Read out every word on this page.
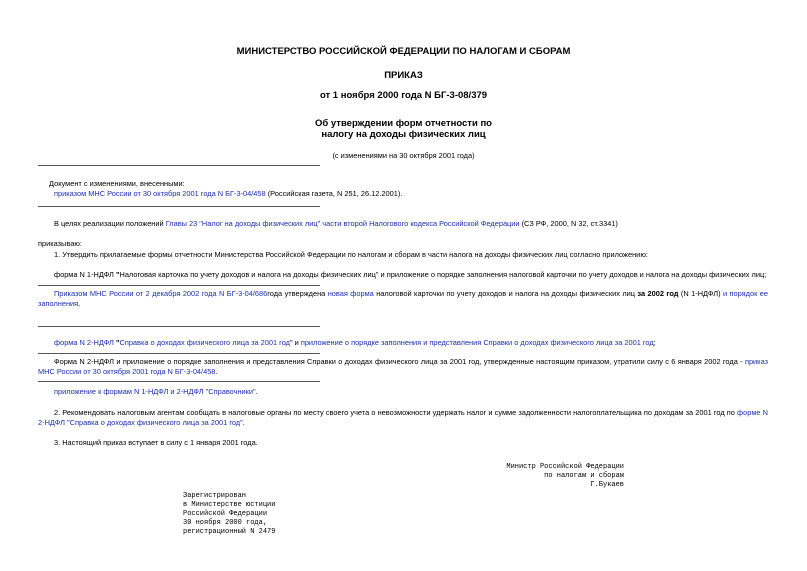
МИНИСТЕРСТВО РОССИЙСКОЙ ФЕДЕРАЦИИ ПО НАЛОГАМ И СБОРАМ
ПРИКАЗ
от 1 ноября 2000 года N БГ-3-08/379
Об утверждении форм отчетности по
налогу на доходы физических лиц
(с изменениями на 30 октября 2001 года)
Документ с изменениями, внесенными:
приказом МНС России от 30 октября 2001 года N БГ-3-04/458 (Российская газета, N 251, 26.12.2001).
В целях реализации положений Главы 23 "Налог на доходы физических лиц" части второй Налогового кодекса Российской Федерации (СЗ РФ, 2000, N 32, ст.3341)
приказываю:
1. Утвердить прилагаемые формы отчетности Министерства Российской Федерации по налогам и сборам в части налога на доходы физических лиц согласно приложению:
форма N 1-НДФЛ "Налоговая карточка по учету доходов и налога на доходы физических лиц" и приложение о порядке заполнения налоговой карточки по учету доходов и налога на доходы физических лиц;
Приказом МНС России от 2 декабря 2002 года N БГ-3-04/686года утверждена новая форма налоговой карточки по учету доходов и налога на доходы физических лиц за 2002 год (N 1-НДФЛ) и порядок ее заполнения.
форма N 2-НДФЛ "Справка о доходах физического лица за 2001 год" и приложение о порядке заполнения и представления Справки о доходах физического лица за 2001 год;
Форма N 2-НДФЛ и приложение о порядке заполнения и представления Справки о доходах физического лица за 2001 год, утвержденные настоящим приказом, утратили силу с 6 января 2002 года - приказ МНС России от 30 октября 2001 года N БГ-3-04/458.
приложение к формам N 1-НДФЛ и 2-НДФЛ "Справочники".
2. Рекомендовать налоговым агентам сообщать в налоговые органы по месту своего учета о невозможности удержать налог и сумме задолженности налогоплательщика по доходам за 2001 год по форме N 2-НДФЛ "Справка о доходах физического лица за 2001 год".
3. Настоящий приказ вступает в силу с 1 января 2001 года.
Министр Российской Федерации
по налогам и сборам
Г.Букаев
Зарегистрирован
в Министерстве юстиции
Российской Федерации
30 ноября 2000 года,
регистрационный N 2479
